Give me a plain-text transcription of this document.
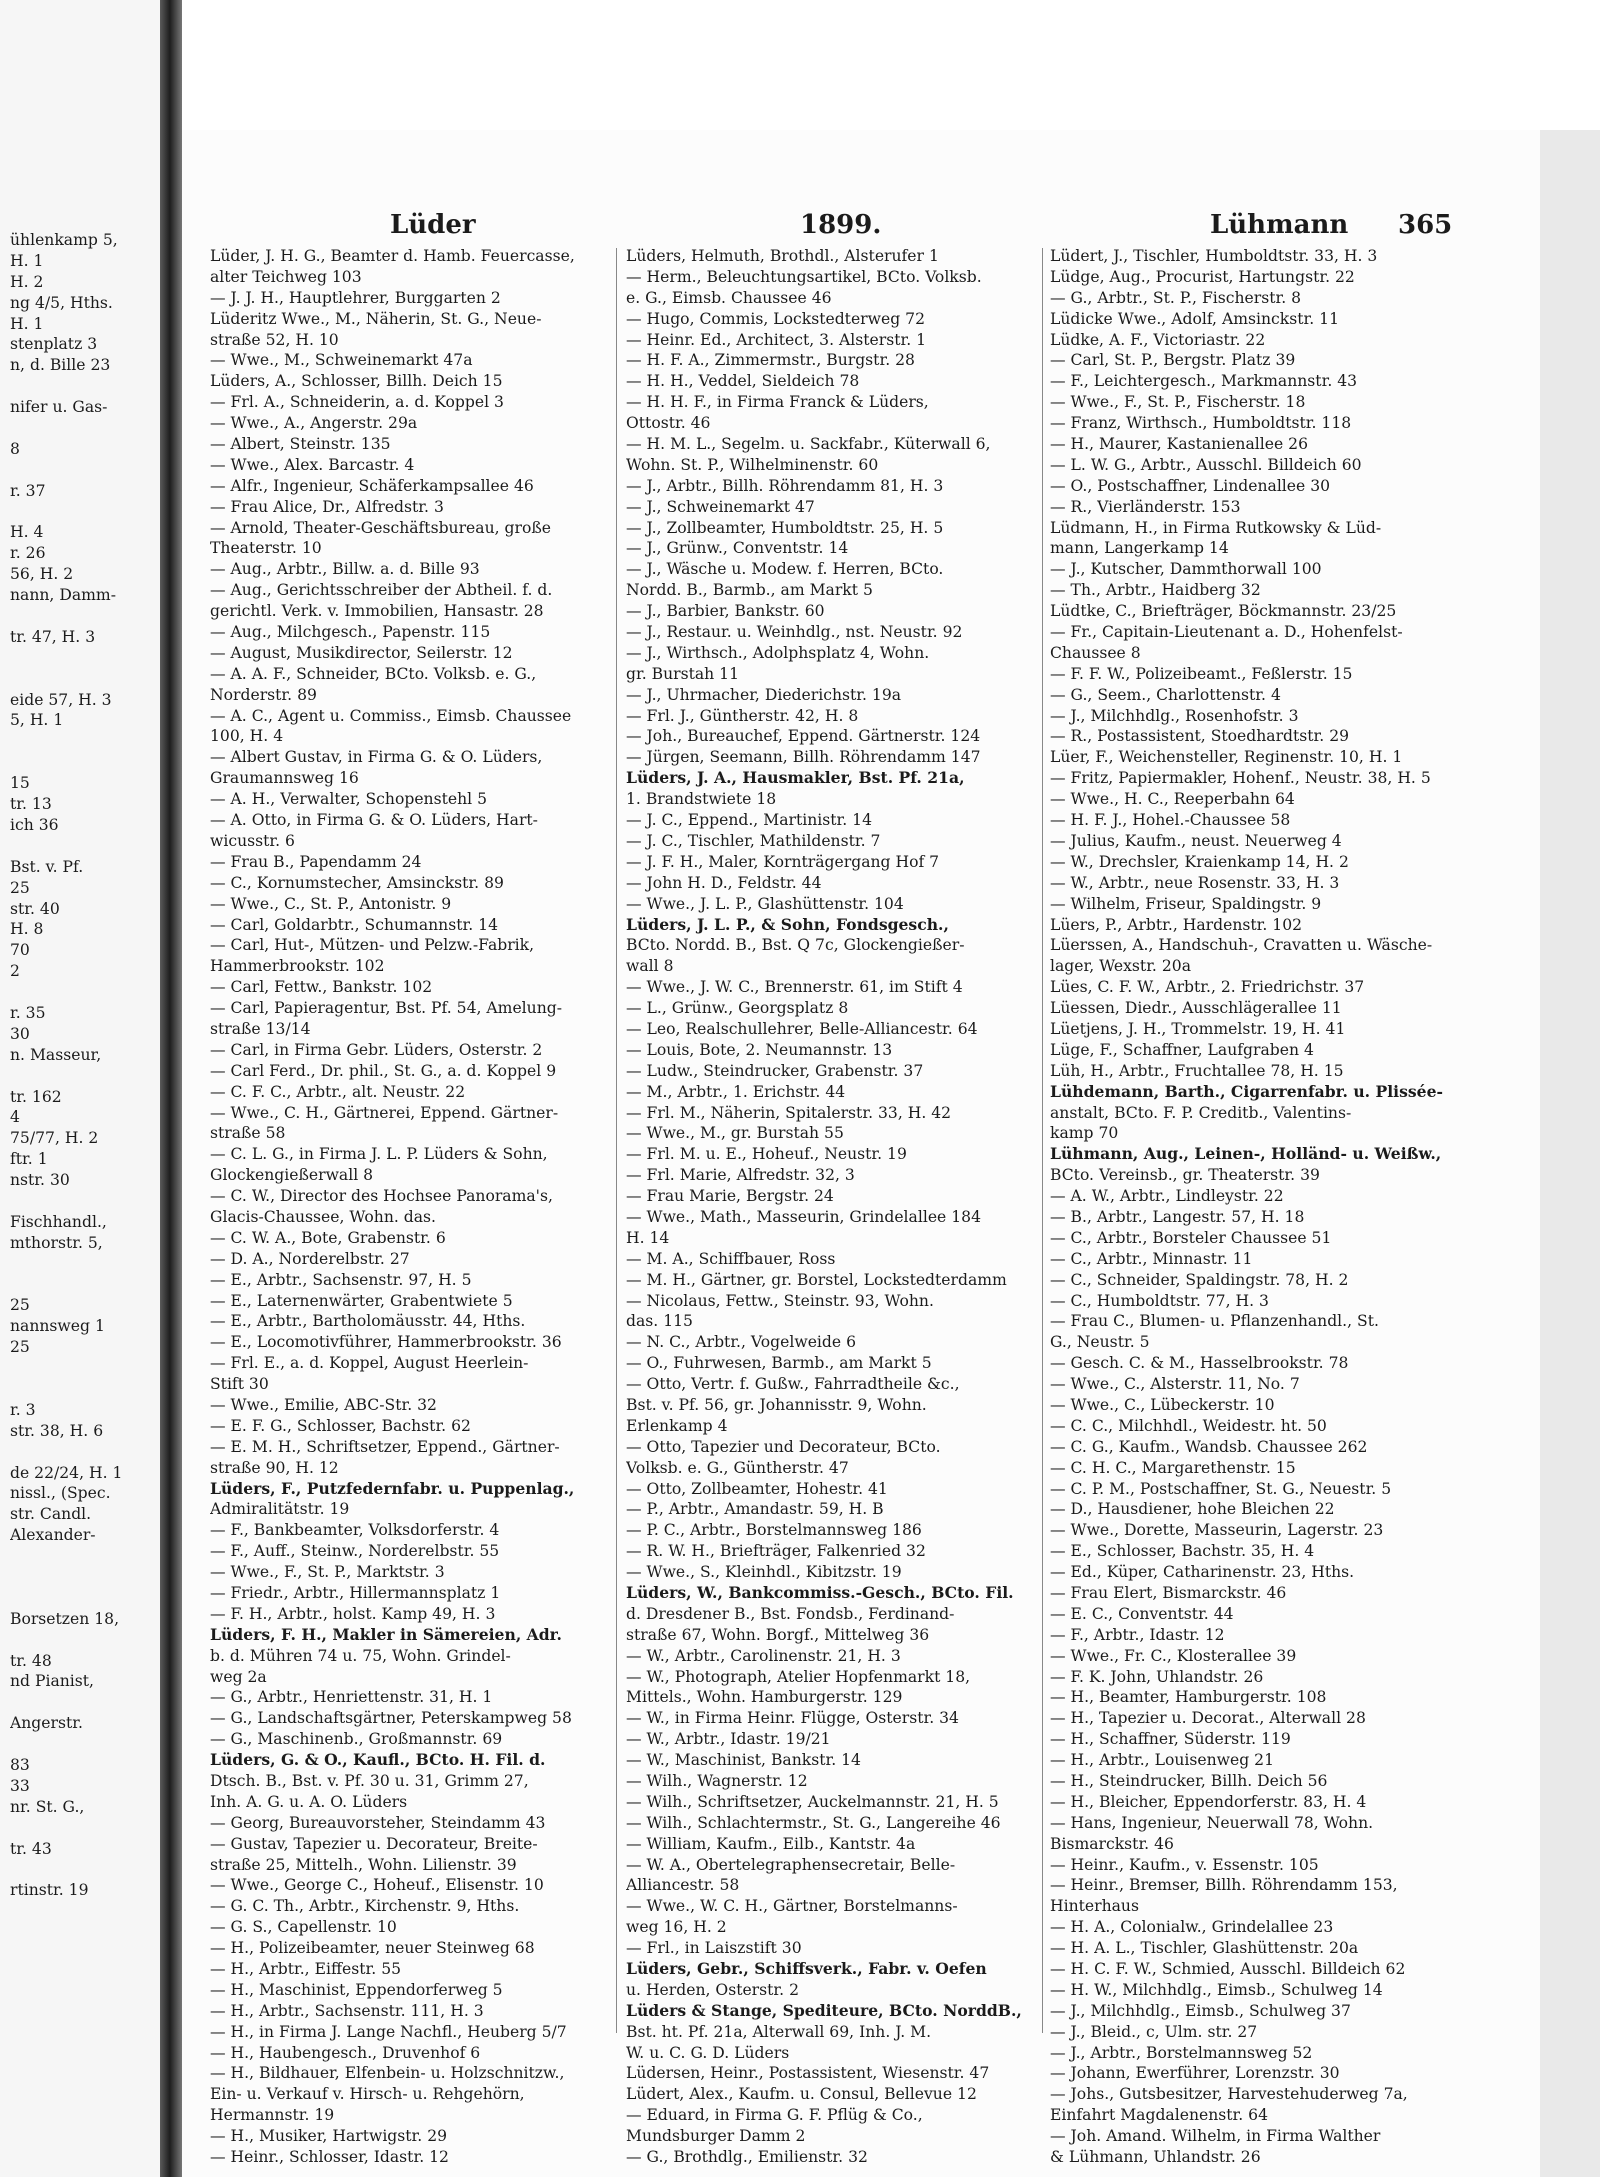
ühlenkamp 5,
H. 1
H. 2
ng 4/5, Hths.
H. 1
stenplatz 3
n, d. Bille 23
nifer u. Gas-
8
r. 37
H. 4
r. 26
56, H. 2
nann, Damm-
tr. 47, H. 3
eide 57, H. 3
5, H. 1
15
tr. 13
ich 36
Bst. v. Pf.
25
str. 40
H. 8
70
2
r. 35
30
n. Masseur,
tr. 162
4
75/77, H. 2
ftr. 1
nstr. 30
Fischhandl.,
mthorstr. 5,
25
nannsweg 1
25
r. 3
str. 38, H. 6
de 22/24, H. 1
nissl., (Spec.
str. Candl.
Alexander-
Borsetzen 18,
tr. 48
nd Pianist,
Angerstr.
83
33
nr. St. G.,
tr. 43
rtinstr. 19
Lüder	1899.	Lühmann 365
Lüder, J. H. G., Beamter d. Hamb. Feuercasse,
alter Teichweg 103
— J. J. H., Hauptlehrer, Burggarten 2
Lüderitz Wwe., M., Näherin, St. G., Neue-
straße 52, H. 10
— Wwe., M., Schweinemarkt 47a
Lüders, A., Schlosser, Billh. Deich 15
— Frl. A., Schneiderin, a. d. Koppel 3
— Wwe., A., Angerstr. 29a
— Albert, Steinstr. 135
— Wwe., Alex. Barcastr. 4
— Alfr., Ingenieur, Schäferkampsallee 46
— Frau Alice, Dr., Alfredstr. 3
— Arnold, Theater-Geschäftsbureau, große
Theaterstr. 10
— Aug., Arbtr., Billw. a. d. Bille 93
— Aug., Gerichtsschreiber der Abtheil. f. d.
gerichtl. Verk. v. Immobilien, Hansastr. 28
— Aug., Milchgesch., Papenstr. 115
— August, Musikdirector, Seilerstr. 12
— A. A. F., Schneider, BCto. Volksb. e. G.,
Norderstr. 89
— A. C., Agent u. Commiss., Eimsb. Chaussee
100, H. 4
— Albert Gustav, in Firma G. & O. Lüders,
Graumannsweg 16
— A. H., Verwalter, Schopenstehl 5
— A. Otto, in Firma G. & O. Lüders, Hart-
wicusstr. 6
— Frau B., Papendamm 24
— C., Kornumstecher, Amsinckstr. 89
— Wwe., C., St. P., Antonistr. 9
— Carl, Goldarbtr., Schumannstr. 14
— Carl, Hut-, Mützen- und Pelzw.-Fabrik,
Hammerbrookstr. 102
— Carl, Fettw., Bankstr. 102
— Carl, Papieragentur, Bst. Pf. 54, Amelung-
straße 13/14
— Carl, in Firma Gebr. Lüders, Osterstr. 2
— Carl Ferd., Dr. phil., St. G., a. d. Koppel 9
— C. F. C., Arbtr., alt. Neustr. 22
— Wwe., C. H., Gärtnerei, Eppend. Gärtner-
straße 58
— C. L. G., in Firma J. L. P. Lüders & Sohn,
Glockengießerwall 8
— C. W., Director des Hochsee Panorama's,
Glacis-Chaussee, Wohn. das.
— C. W. A., Bote, Grabenstr. 6
— D. A., Norderelbstr. 27
— E., Arbtr., Sachsenstr. 97, H. 5
— E., Laternenwärter, Grabentwiete 5
— E., Arbtr., Bartholomäusstr. 44, Hths.
— E., Locomotivführer, Hammerbrookstr. 36
— Frl. E., a. d. Koppel, August Heerlein-
Stift 30
— Wwe., Emilie, ABC-Str. 32
— E. F. G., Schlosser, Bachstr. 62
— E. M. H., Schriftsetzer, Eppend., Gärtner-
straße 90, H. 12
Lüders, F., Putzfedernfabr. u. Puppenlag.,
Admiralitätstr. 19
— F., Bankbeamter, Volksdorferstr. 4
— F., Auff., Steinw., Norderelbstr. 55
— Wwe., F., St. P., Marktstr. 3
— Friedr., Arbtr., Hillermannsplatz 1
— F. H., Arbtr., holst. Kamp 49, H. 3
Lüders, F. H., Makler in Sämereien, Adr.
b. d. Mühren 74 u. 75, Wohn. Grindel-
weg 2a
— G., Arbtr., Henriettenstr. 31, H. 1
— G., Landschaftsgärtner, Peterskampweg 58
— G., Maschinenb., Großmannstr. 69
Lüders, G. & O., Kaufl., BCto. H. Fil. d.
Dtsch. B., Bst. v. Pf. 30 u. 31, Grimm 27,
Inh. A. G. u. A. O. Lüders
— Georg, Bureauvorsteher, Steindamm 43
— Gustav, Tapezier u. Decorateur, Breite-
straße 25, Mittelh., Wohn. Lilienstr. 39
— Wwe., George C., Hoheuf., Elisenstr. 10
— G. C. Th., Arbtr., Kirchenstr. 9, Hths.
— G. S., Capellenstr. 10
— H., Polizeibeamter, neuer Steinweg 68
— H., Arbtr., Eiffestr. 55
— H., Maschinist, Eppendorferweg 5
— H., Arbtr., Sachsenstr. 111, H. 3
— H., in Firma J. Lange Nachfl., Heuberg 5/7
— H., Haubengesch., Druvenhof 6
— H., Bildhauer, Elfenbein- u. Holzschnitzw.,
Ein- u. Verkauf v. Hirsch- u. Rehgehörn,
Hermannstr. 19
— H., Musiker, Hartwigstr. 29
— Heinr., Schlosser, Idastr. 12
Lüders, Helmuth, Brothdl., Alsterufer 1
— Herm., Beleuchtungsartikel, BCto. Volksb.
e. G., Eimsb. Chaussee 46
— Hugo, Commis, Lockstedterweg 72
— Heinr. Ed., Architect, 3. Alsterstr. 1
— H. F. A., Zimmermstr., Burgstr. 28
— H. H., Veddel, Sieldeich 78
— H. H. F., in Firma Franck & Lüders,
Ottostr. 46
— H. M. L., Segelm. u. Sackfabr., Küterwall 6,
Wohn. St. P., Wilhelminenstr. 60
— J., Arbtr., Billh. Röhrendamm 81, H. 3
— J., Schweinemarkt 47
— J., Zollbeamter, Humboldtstr. 25, H. 5
— J., Grünw., Conventstr. 14
— J., Wäsche u. Modew. f. Herren, BCto.
Nordd. B., Barmb., am Markt 5
— J., Barbier, Bankstr. 60
— J., Restaur. u. Weinhdlg., nst. Neustr. 92
— J., Wirthsch., Adolphsplatz 4, Wohn.
gr. Burstah 11
— J., Uhrmacher, Diederichstr. 19a
— Frl. J., Güntherstr. 42, H. 8
— Joh., Bureauchef, Eppend. Gärtnerstr. 124
— Jürgen, Seemann, Billh. Röhrendamm 147
Lüders, J. A., Hausmakler, Bst. Pf. 21a,
1. Brandstwiete 18
— J. C., Eppend., Martinistr. 14
— J. C., Tischler, Mathildenstr. 7
— J. F. H., Maler, Kornträgergang Hof 7
— John H. D., Feldstr. 44
— Wwe., J. L. P., Glashüttenstr. 104
Lüders, J. L. P., & Sohn, Fondsgesch.,
BCto. Nordd. B., Bst. Q 7c, Glockengießer-
wall 8
— Wwe., J. W. C., Brennerstr. 61, im Stift 4
— L., Grünw., Georgsplatz 8
— Leo, Realschullehrer, Belle-Alliancestr. 64
— Louis, Bote, 2. Neumannstr. 13
— Ludw., Steindrucker, Grabenstr. 37
— M., Arbtr., 1. Erichstr. 44
— Frl. M., Näherin, Spitalerstr. 33, H. 42
— Wwe., M., gr. Burstah 55
— Frl. M. u. E., Hoheuf., Neustr. 19
— Frl. Marie, Alfredstr. 32, 3
— Frau Marie, Bergstr. 24
— Wwe., Math., Masseurin, Grindelallee 184
H. 14
— M. A., Schiffbauer, Ross
— M. H., Gärtner, gr. Borstel, Lockstedterdamm
— Nicolaus, Fettw., Steinstr. 93, Wohn.
das. 115
— N. C., Arbtr., Vogelweide 6
— O., Fuhrwesen, Barmb., am Markt 5
— Otto, Vertr. f. Gußw., Fahrradtheile &c.,
Bst. v. Pf. 56, gr. Johannisstr. 9, Wohn.
Erlenkamp 4
— Otto, Tapezier und Decorateur, BCto.
Volksb. e. G., Güntherstr. 47
— Otto, Zollbeamter, Hohestr. 41
— P., Arbtr., Amandastr. 59, H. B
— P. C., Arbtr., Borstelmannsweg 186
— R. W. H., Briefträger, Falkenried 32
— Wwe., S., Kleinhdl., Kibitzstr. 19
Lüders, W., Bankcommiss.-Gesch., BCto. Fil.
d. Dresdener B., Bst. Fondsb., Ferdinand-
straße 67, Wohn. Borgf., Mittelweg 36
— W., Arbtr., Carolinenstr. 21, H. 3
— W., Photograph, Atelier Hopfenmarkt 18,
Mittels., Wohn. Hamburgerstr. 129
— W., in Firma Heinr. Flügge, Osterstr. 34
— W., Arbtr., Idastr. 19/21
— W., Maschinist, Bankstr. 14
— Wilh., Wagnerstr. 12
— Wilh., Schriftsetzer, Auckelmannstr. 21, H. 5
— Wilh., Schlachtermstr., St. G., Langereihe 46
— William, Kaufm., Eilb., Kantstr. 4a
— W. A., Obertelegraphensecretair, Belle-
Alliancestr. 58
— Wwe., W. C. H., Gärtner, Borstelmanns-
weg 16, H. 2
— Frl., in Laiszstift 30
Lüders, Gebr., Schiffsverk., Fabr. v. Oefen
u. Herden, Osterstr. 2
Lüders & Stange, Spediteure, BCto. NorddB.,
Bst. ht. Pf. 21a, Alterwall 69, Inh. J. M.
W. u. C. G. D. Lüders
Lüdersen, Heinr., Postassistent, Wiesenstr. 47
Lüdert, Alex., Kaufm. u. Consul, Bellevue 12
— Eduard, in Firma G. F. Pflüg & Co.,
Mundsburger Damm 2
— G., Brothdlg., Emilienstr. 32
Lüdert, J., Tischler, Humboldtstr. 33, H. 3
Lüdge, Aug., Procurist, Hartungstr. 22
— G., Arbtr., St. P., Fischerstr. 8
Lüdicke Wwe., Adolf, Amsinckstr. 11
Lüdke, A. F., Victoriastr. 22
— Carl, St. P., Bergstr. Platz 39
— F., Leichtergesch., Markmannstr. 43
— Wwe., F., St. P., Fischerstr. 18
— Franz, Wirthsch., Humboldtstr. 118
— H., Maurer, Kastanienallee 26
— L. W. G., Arbtr., Ausschl. Billdeich 60
— O., Postschaffner, Lindenallee 30
— R., Vierländerstr. 153
Lüdmann, H., in Firma Rutkowsky & Lüd-
mann, Langerkamp 14
— J., Kutscher, Dammthorwall 100
— Th., Arbtr., Haidberg 32
Lüdtke, C., Briefträger, Böckmannstr. 23/25
— Fr., Capitain-Lieutenant a. D., Hohenfelst-
Chaussee 8
— F. F. W., Polizeibeamt., Feßlerstr. 15
— G., Seem., Charlottenstr. 4
— J., Milchhdlg., Rosenhofstr. 3
— R., Postassistent, Stoedhardtstr. 29
Lüer, F., Weichensteller, Reginenstr. 10, H. 1
— Fritz, Papiermakler, Hohenf., Neustr. 38, H. 5
— Wwe., H. C., Reeperbahn 64
— H. F. J., Hohel.-Chaussee 58
— Julius, Kaufm., neust. Neuerweg 4
— W., Drechsler, Kraienkamp 14, H. 2
— W., Arbtr., neue Rosenstr. 33, H. 3
— Wilhelm, Friseur, Spaldingstr. 9
Lüers, P., Arbtr., Hardenstr. 102
Lüerssen, A., Handschuh-, Cravatten u. Wäsche-
lager, Wexstr. 20a
Lües, C. F. W., Arbtr., 2. Friedrichstr. 37
Lüessen, Diedr., Ausschlägerallee 11
Lüetjens, J. H., Trommelstr. 19, H. 41
Lüge, F., Schaffner, Laufgraben 4
Lüh, H., Arbtr., Fruchtallee 78, H. 15
Lühdemann, Barth., Cigarrenfabr. u. Plissée-
anstalt, BCto. F. P. Creditb., Valentins-
kamp 70
Lühmann, Aug., Leinen-, Holländ- u. Weißw.,
BCto. Vereinsb., gr. Theaterstr. 39
— A. W., Arbtr., Lindleystr. 22
— B., Arbtr., Langestr. 57, H. 18
— C., Arbtr., Borsteler Chaussee 51
— C., Arbtr., Minnastr. 11
— C., Schneider, Spaldingstr. 78, H. 2
— C., Humboldtstr. 77, H. 3
— Frau C., Blumen- u. Pflanzenhandl., St.
G., Neustr. 5
— Gesch. C. & M., Hasselbrookstr. 78
— Wwe., C., Alsterstr. 11, No. 7
— Wwe., C., Lübeckerstr. 10
— C. C., Milchhdl., Weidestr. ht. 50
— C. G., Kaufm., Wandsb. Chaussee 262
— C. H. C., Margarethenstr. 15
— C. P. M., Postschaffner, St. G., Neuestr. 5
— D., Hausdiener, hohe Bleichen 22
— Wwe., Dorette, Masseurin, Lagerstr. 23
— E., Schlosser, Bachstr. 35, H. 4
— Ed., Küper, Catharinenstr. 23, Hths.
— Frau Elert, Bismarckstr. 46
— E. C., Conventstr. 44
— F., Arbtr., Idastr. 12
— Wwe., Fr. C., Klosterallee 39
— F. K. John, Uhlandstr. 26
— H., Beamter, Hamburgerstr. 108
— H., Tapezier u. Decorat., Alterwall 28
— H., Schaffner, Süderstr. 119
— H., Arbtr., Louisenweg 21
— H., Steindrucker, Billh. Deich 56
— H., Bleicher, Eppendorferstr. 83, H. 4
— Hans, Ingenieur, Neuerwall 78, Wohn.
Bismarckstr. 46
— Heinr., Kaufm., v. Essenstr. 105
— Heinr., Bremser, Billh. Röhrendamm 153,
Hinterhaus
— H. A., Colonialw., Grindelallee 23
— H. A. L., Tischler, Glashüttenstr. 20a
— H. C. F. W., Schmied, Ausschl. Billdeich 62
— H. W., Milchhdlg., Eimsb., Schulweg 14
— J., Milchhdlg., Eimsb., Schulweg 37
— J., Bleid., c, Ulm. str. 27
— J., Arbtr., Borstelmannsweg 52
— Johann, Ewerführer, Lorenzstr. 30
— Johs., Gutsbesitzer, Harvestehuderweg 7a,
Einfahrt Magdalenenstr. 64
— Joh. Amand. Wilhelm, in Firma Walther
& Lühmann, Uhlandstr. 26
